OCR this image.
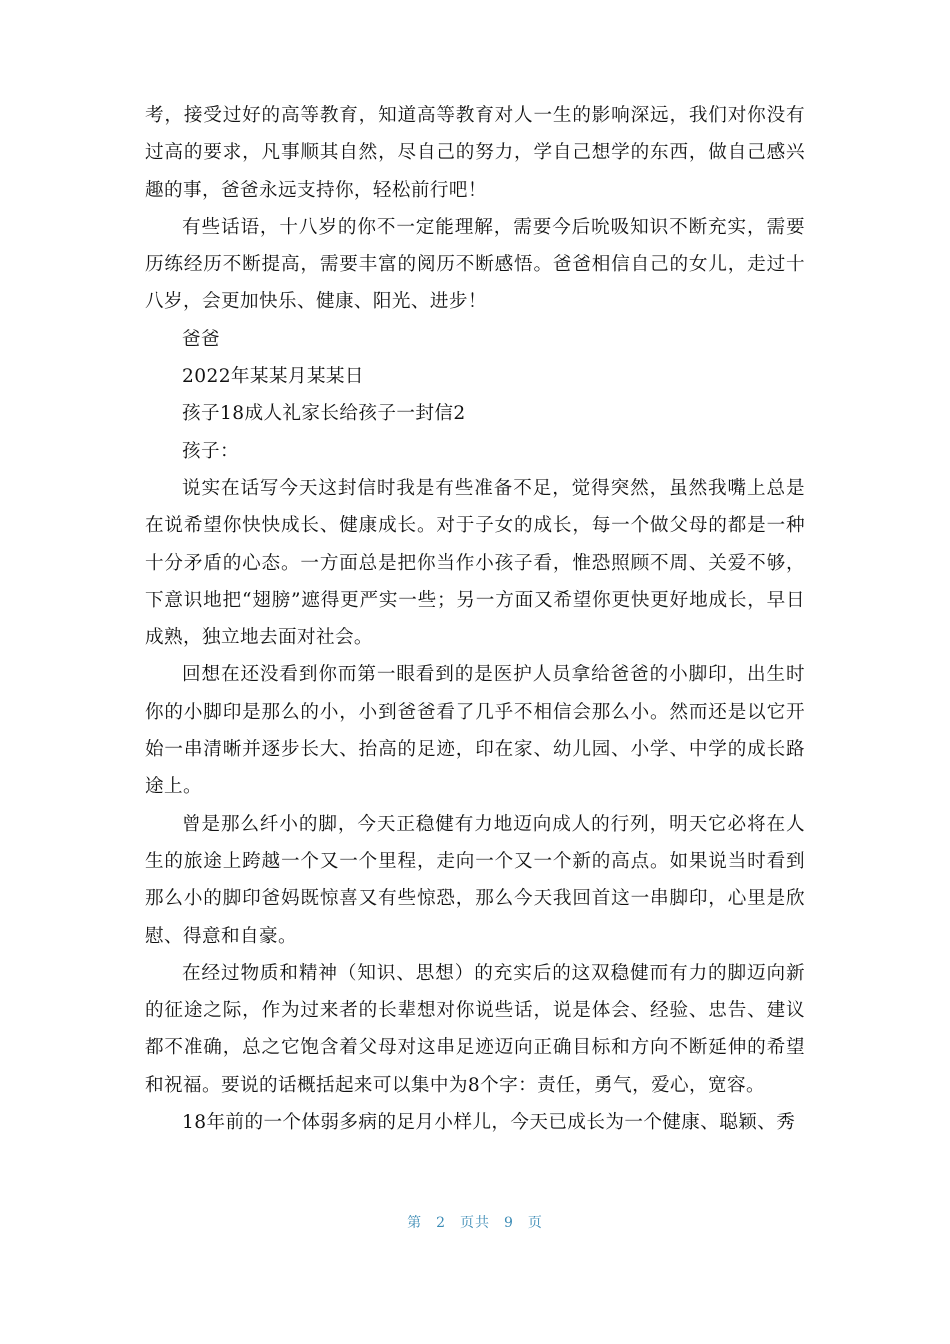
考，接受过好的高等教育，知道高等教育对人一生的影响深远，我们对你没有过高的要求，凡事顺其自然，尽自己的努力，学自己想学的东西，做自己感兴趣的事，爸爸永远支持你，轻松前行吧！

有些话语，十八岁的你不一定能理解，需要今后吮吸知识不断充实，需要历练经历不断提高，需要丰富的阅历不断感悟。爸爸相信自己的女儿，走过十八岁，会更加快乐、健康、阳光、进步！

爸爸

2022年某某月某某日

孩子18成人礼家长给孩子一封信2

孩子：

说实在话写今天这封信时我是有些准备不足，觉得突然，虽然我嘴上总是在说希望你快快成长、健康成长。对于子女的成长，每一个做父母的都是一种十分矛盾的心态。一方面总是把你当作小孩子看，惟恐照顾不周、关爱不够，下意识地把“翅膀”遮得更严实一些；另一方面又希望你更快更好地成长，早日成熟，独立地去面对社会。

回想在还没看到你而第一眼看到的是医护人员拿给爸爸的小脚印，出生时你的小脚印是那么的小，小到爸爸看了几乎不相信会那么小。然而还是以它开始一串清晰并逐步长大、抬高的足迹，印在家、幼儿园、小学、中学的成长路途上。

曾是那么纤小的脚，今天正稳健有力地迈向成人的行列，明天它必将在人生的旅途上跨越一个又一个里程，走向一个又一个新的高点。如果说当时看到那么小的脚印爸妈既惊喜又有些惊恐，那么今天我回首这一串脚印，心里是欣慰、得意和自豪。

在经过物质和精神（知识、思想）的充实后的这双稳健而有力的脚迈向新的征途之际，作为过来者的长辈想对你说些话，说是体会、经验、忠告、建议都不准确，总之它饱含着父母对这串足迹迈向正确目标和方向不断延伸的希望和祝福。要说的话概括起来可以集中为8个字：责任，勇气，爱心，宽容。

18年前的一个体弱多病的足月小样儿，今天已成长为一个健康、聪颖、秀

第 2 页共 9 页
